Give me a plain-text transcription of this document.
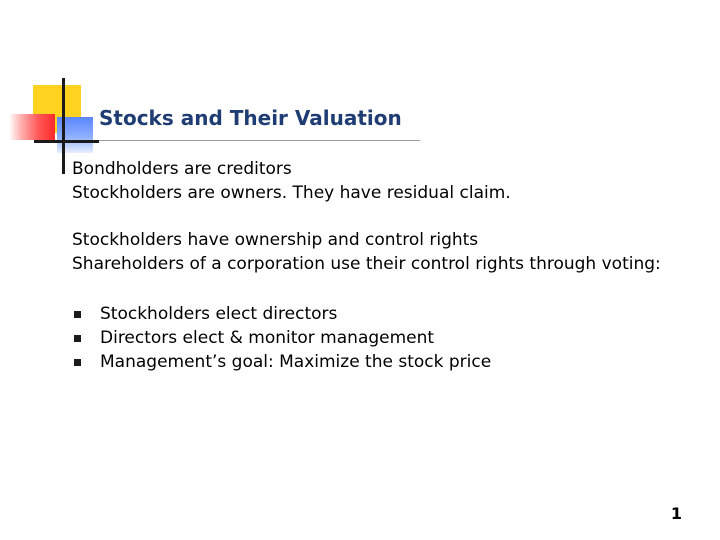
Stocks and Their Valuation
Bondholders are creditors
Stockholders are owners. They have residual claim.
Stockholders have ownership and control rights
Shareholders of a corporation use their control rights through voting:
Stockholders elect directors
Directors elect & monitor management
Management’s goal: Maximize the stock price
1
